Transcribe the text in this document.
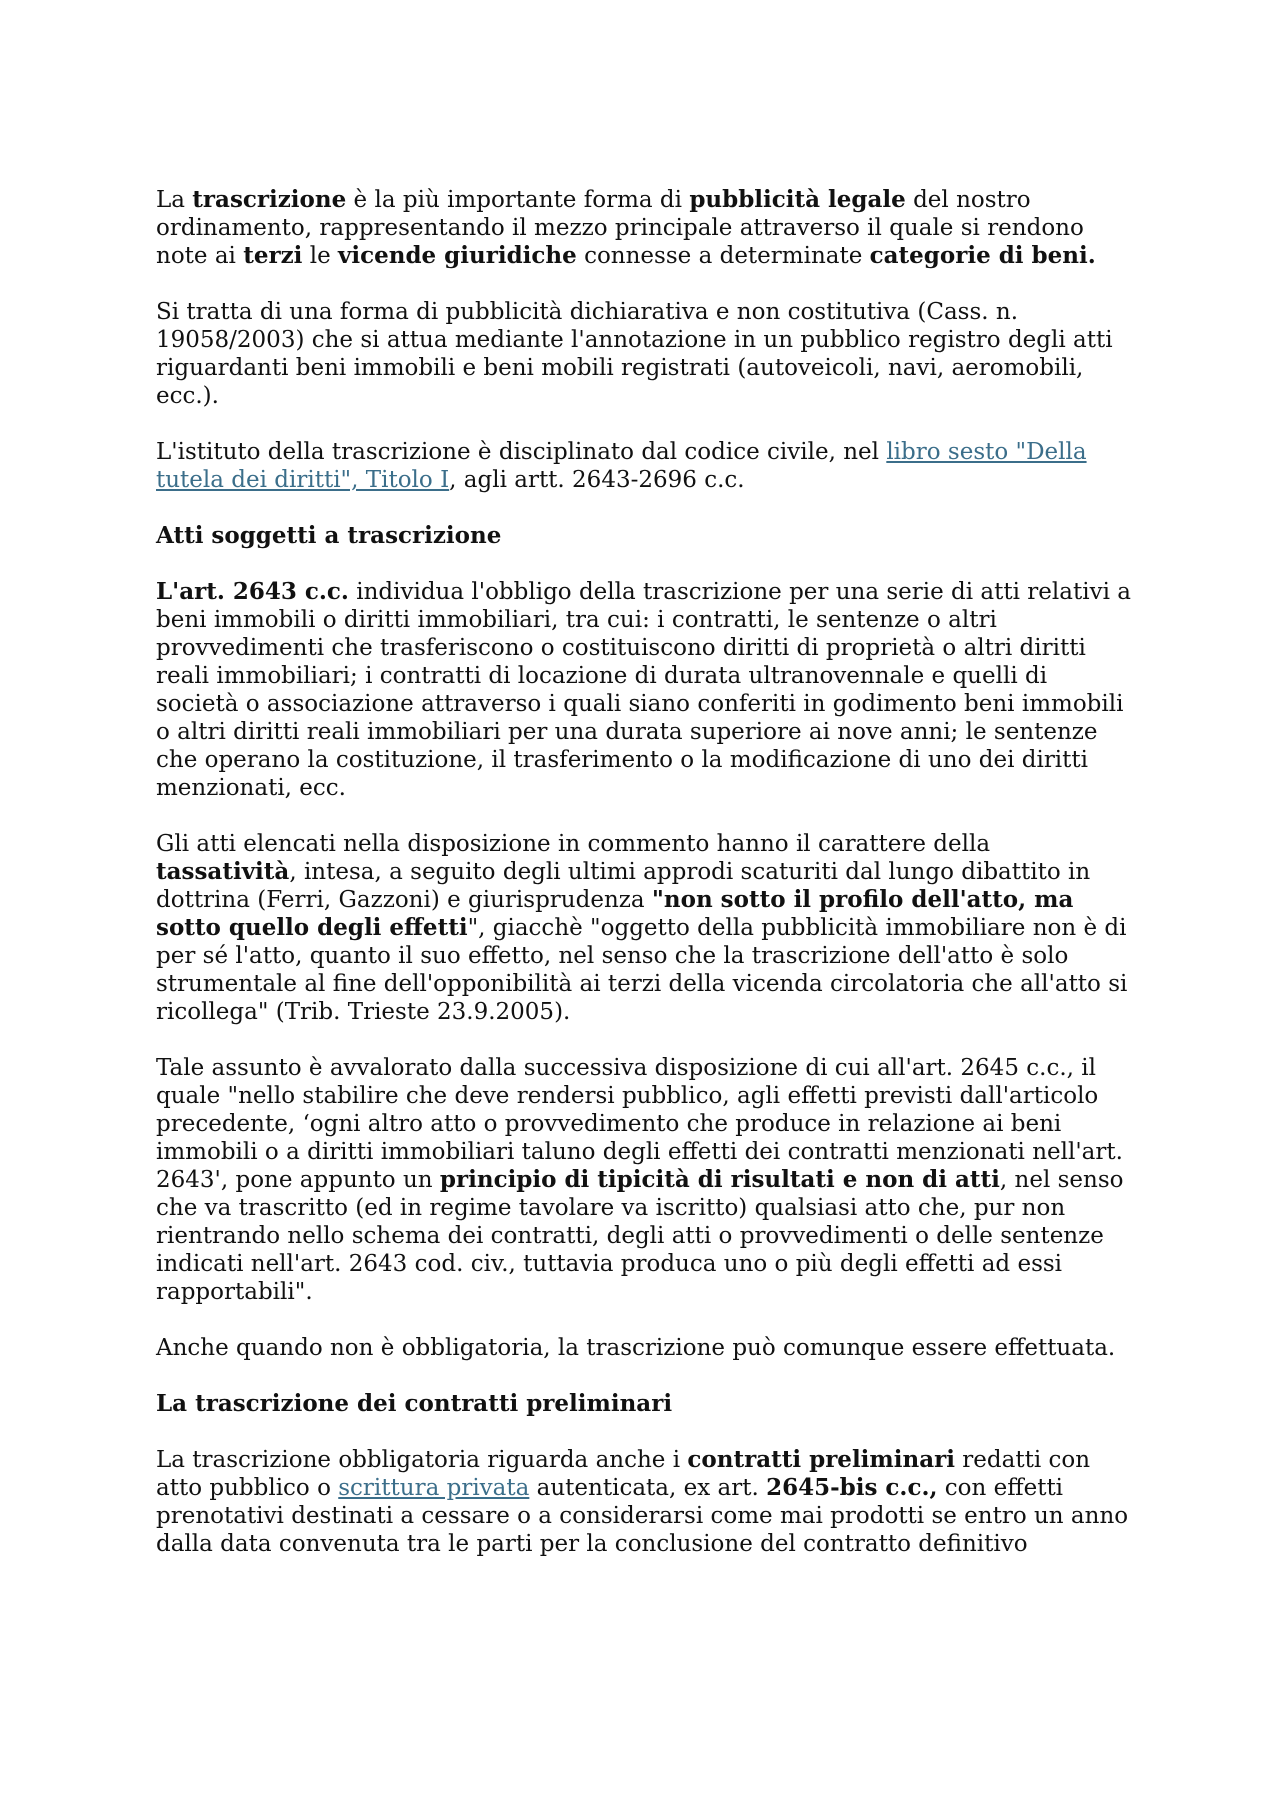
La trascrizione è la più importante forma di pubblicità legale del nostro ordinamento, rappresentando il mezzo principale attraverso il quale si rendono note ai terzi le vicende giuridiche connesse a determinate categorie di beni.

Si tratta di una forma di pubblicità dichiarativa e non costitutiva (Cass. n. 19058/2003) che si attua mediante l'annotazione in un pubblico registro degli atti riguardanti beni immobili e beni mobili registrati (autoveicoli, navi, aeromobili, ecc.).

L'istituto della trascrizione è disciplinato dal codice civile, nel libro sesto "Della tutela dei diritti", Titolo I, agli artt. 2643-2696 c.c.

Atti soggetti a trascrizione

L'art. 2643 c.c. individua l'obbligo della trascrizione per una serie di atti relativi a beni immobili o diritti immobiliari, tra cui: i contratti, le sentenze o altri provvedimenti che trasferiscono o costituiscono diritti di proprietà o altri diritti reali immobiliari; i contratti di locazione di durata ultranovennale e quelli di società o associazione attraverso i quali siano conferiti in godimento beni immobili o altri diritti reali immobiliari per una durata superiore ai nove anni; le sentenze che operano la costituzione, il trasferimento o la modificazione di uno dei diritti menzionati, ecc.

Gli atti elencati nella disposizione in commento hanno il carattere della tassatività, intesa, a seguito degli ultimi approdi scaturiti dal lungo dibattito in dottrina (Ferri, Gazzoni) e giurisprudenza "non sotto il profilo dell'atto, ma sotto quello degli effetti", giacchè "oggetto della pubblicità immobiliare non è di per sé l'atto, quanto il suo effetto, nel senso che la trascrizione dell'atto è solo strumentale al fine dell'opponibilità ai terzi della vicenda circolatoria che all'atto si ricollega" (Trib. Trieste 23.9.2005).

Tale assunto è avvalorato dalla successiva disposizione di cui all'art. 2645 c.c., il quale "nello stabilire che deve rendersi pubblico, agli effetti previsti dall'articolo precedente, ‘ogni altro atto o provvedimento che produce in relazione ai beni immobili o a diritti immobiliari taluno degli effetti dei contratti menzionati nell'art. 2643', pone appunto un principio di tipicità di risultati e non di atti, nel senso che va trascritto (ed in regime tavolare va iscritto) qualsiasi atto che, pur non rientrando nello schema dei contratti, degli atti o provvedimenti o delle sentenze indicati nell'art. 2643 cod. civ., tuttavia produca uno o più degli effetti ad essi rapportabili".

Anche quando non è obbligatoria, la trascrizione può comunque essere effettuata.

La trascrizione dei contratti preliminari

La trascrizione obbligatoria riguarda anche i contratti preliminari redatti con atto pubblico o scrittura privata autenticata, ex art. 2645-bis c.c., con effetti prenotativi destinati a cessare o a considerarsi come mai prodotti se entro un anno dalla data convenuta tra le parti per la conclusione del contratto definitivo
